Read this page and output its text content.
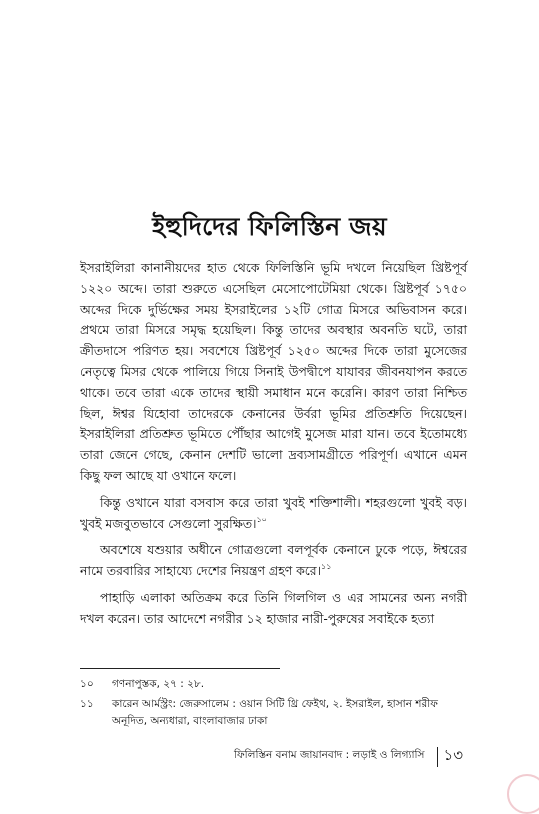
ইহুদিদের ফিলিস্তিন জয়

ইসরাইলিরা কানানীয়দের হাত থেকে ফিলিস্তিনি ভূমি দখলে নিয়েছিল খ্রিষ্টপূর্ব ১২২০ অব্দে। তারা শুরুতে এসেছিল মেসোপোটেমিয়া থেকে। খ্রিষ্টপূর্ব ১৭৫০ অব্দের দিকে দুর্ভিক্ষের সময় ইসরাইলের ১২টি গোত্র মিসরে অভিবাসন করে। প্রথমে তারা মিসরে সমৃদ্ধ হয়েছিল। কিন্তু তাদের অবস্থার অবনতি ঘটে, তারা ক্রীতদাসে পরিণত হয়। সবশেষে খ্রিষ্টপূর্ব ১২৫০ অব্দের দিকে তারা মুসেজের নেতৃত্বে মিসর থেকে পালিয়ে গিয়ে সিনাই উপদ্বীপে যাযাবর জীবনযাপন করতে থাকে। তবে তারা একে তাদের স্থায়ী সমাধান মনে করেনি। কারণ তারা নিশ্চিত ছিল, ঈশ্বর যিহোবা তাদেরকে কেনানের উর্বরা ভূমির প্রতিশ্রুতি দিয়েছেন। ইসরাইলিরা প্রতিশ্রুত ভূমিতে পৌঁছার আগেই মুসেজ মারা যান। তবে ইতোমধ্যে তারা জেনে গেছে, কেনান দেশটি ভালো দ্রব্যসামগ্রীতে পরিপূর্ণ। এখানে এমন কিছু ফল আছে যা ওখানে ফলে।

কিন্তু ওখানে যারা বসবাস করে তারা খুবই শক্তিশালী। শহরগুলো খুবই বড়। খুবই মজবুতভাবে সেগুলো সুরক্ষিত।$^{১০}$

অবশেষে যশুয়ার অধীনে গোত্রগুলো বলপূর্বক কেনানে ঢুকে পড়ে, ঈশ্বরের নামে তরবারির সাহায্যে দেশের নিয়ন্ত্রণ গ্রহণ করে।$^{১১}$

পাহাড়ি এলাকা অতিক্রম করে তিনি গিলগিল ও এর সামনের অন্য নগরী দখল করেন। তার আদেশে নগরীর ১২ হাজার নারী-পুরুষের সবাইকে হত্যা

১০	গণনাপুস্তক, ২৭ : ২৮.
১১	কারেন আর্মস্ট্রং: জেরুসালেম : ওয়ান সিটি থ্রি ফেইথ, ২. ইসরাইল, হাসান শরীফ অনূদিত, অন্যধারা, বাংলাবাজার ঢাকা
ফিলিস্তিন বনাম জায়ানবাদ : লড়াই ও লিগ্যাসি	১৩
